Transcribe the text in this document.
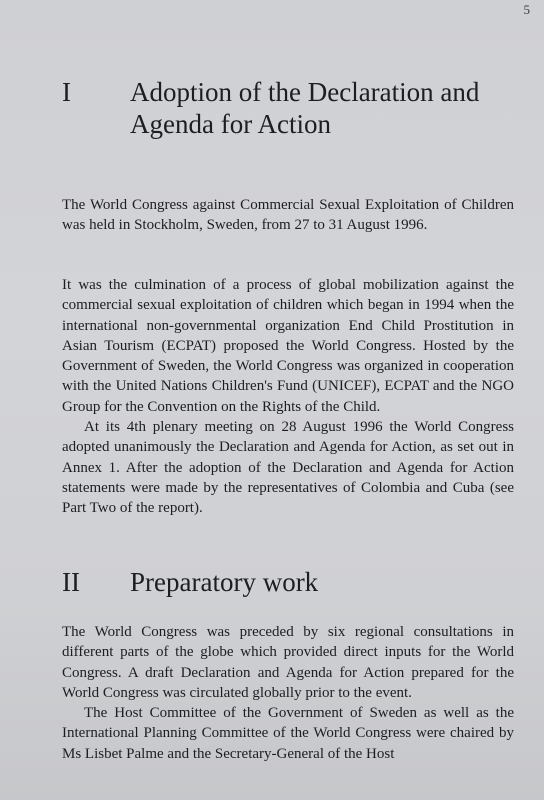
5
I	Adoption of the Declaration and Agenda for Action

The World Congress against Commercial Sexual Exploitation of Children was held in Stockholm, Sweden, from 27 to 31 August 1996.

It was the culmination of a process of global mobilization against the commercial sexual exploitation of children which began in 1994 when the international non-governmental organization End Child Prostitution in Asian Tourism (ECPAT) proposed the World Congress. Hosted by the Government of Sweden, the World Congress was organized in cooperation with the United Nations Children's Fund (UNICEF), ECPAT and the NGO Group for the Convention on the Rights of the Child.

At its 4th plenary meeting on 28 August 1996 the World Congress adopted unanimously the Declaration and Agenda for Action, as set out in Annex 1. After the adoption of the Declaration and Agenda for Action statements were made by the representatives of Colombia and Cuba (see Part Two of the report).

II	Preparatory work

The World Congress was preceded by six regional consultations in different parts of the globe which provided direct inputs for the World Congress. A draft Declaration and Agenda for Action prepared for the World Congress was circulated globally prior to the event.

The Host Committee of the Government of Sweden as well as the International Planning Committee of the World Congress were chaired by Ms Lisbet Palme and the Secretary-General of the Host
